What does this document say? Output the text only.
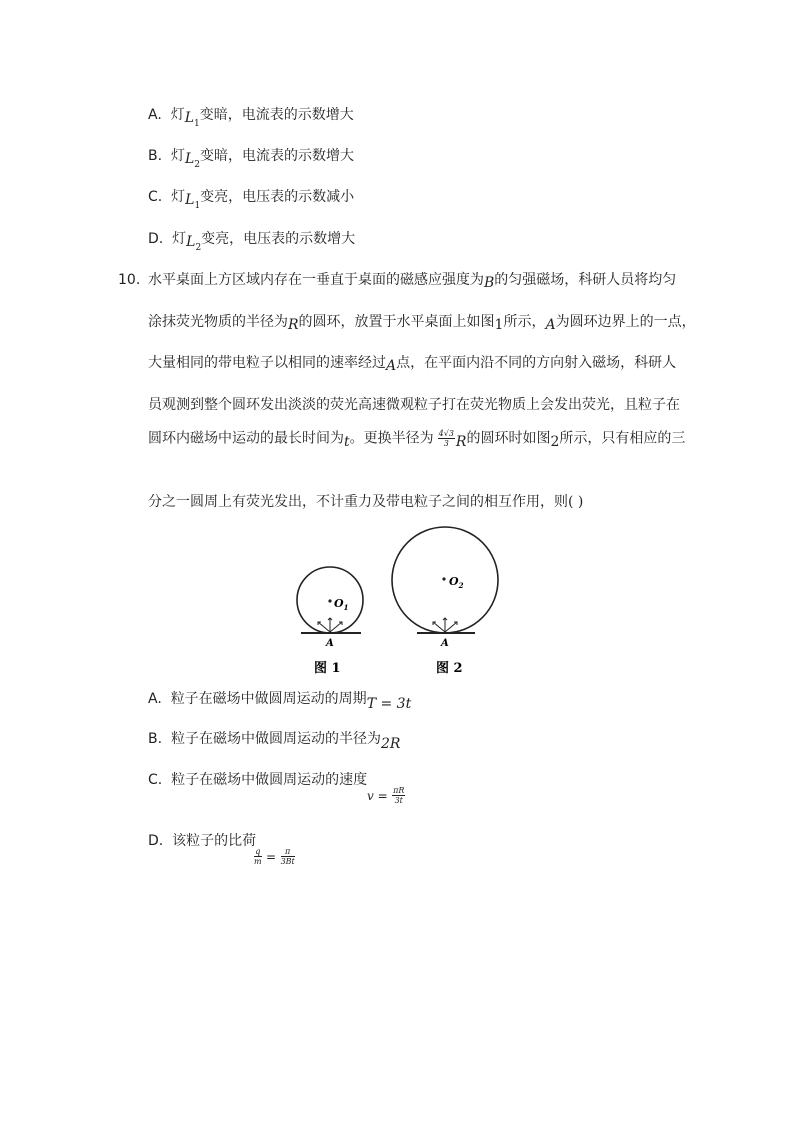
A. 灯$L_1$变暗，电流表的示数增大
B. 灯$L_2$变暗，电流表的示数增大
C. 灯$L_1$变亮，电压表的示数减小
D. 灯$L_2$变亮，电压表的示数增大
10. 水平桌面上方区域内存在一垂直于桌面的磁感应强度为B的匀强磁场，科研人员将均匀
涂抹荧光物质的半径为R的圆环，放置于水平桌面上如图1所示，A为圆环边界上的一点，
大量相同的带电粒子以相同的速率经过A点，在平面内沿不同的方向射入磁场，科研人
员观测到整个圆环发出淡淡的荧光高速微观粒子打在荧光物质上会发出荧光，且粒子在
圆环内磁场中运动的最长时间为t。更换半径为 $\frac{4√3}{3}$ R的圆环时如图2所示，只有相应的三
分之一圆周上有荧光发出，不计重力及带电粒子之间的相互作用，则( )
$O_1$
A
图 1
$O_2$
A
图 2
A. 粒子在磁场中做圆周运动的周期T = 3t
B. 粒子在磁场中做圆周运动的半径为2R
C. 粒子在磁场中做圆周运动的速度
$v = \frac{\pi R}{3t}$
D. 该粒子的比荷
$\frac{q}{m} = \frac{\pi}{3Bt}$
